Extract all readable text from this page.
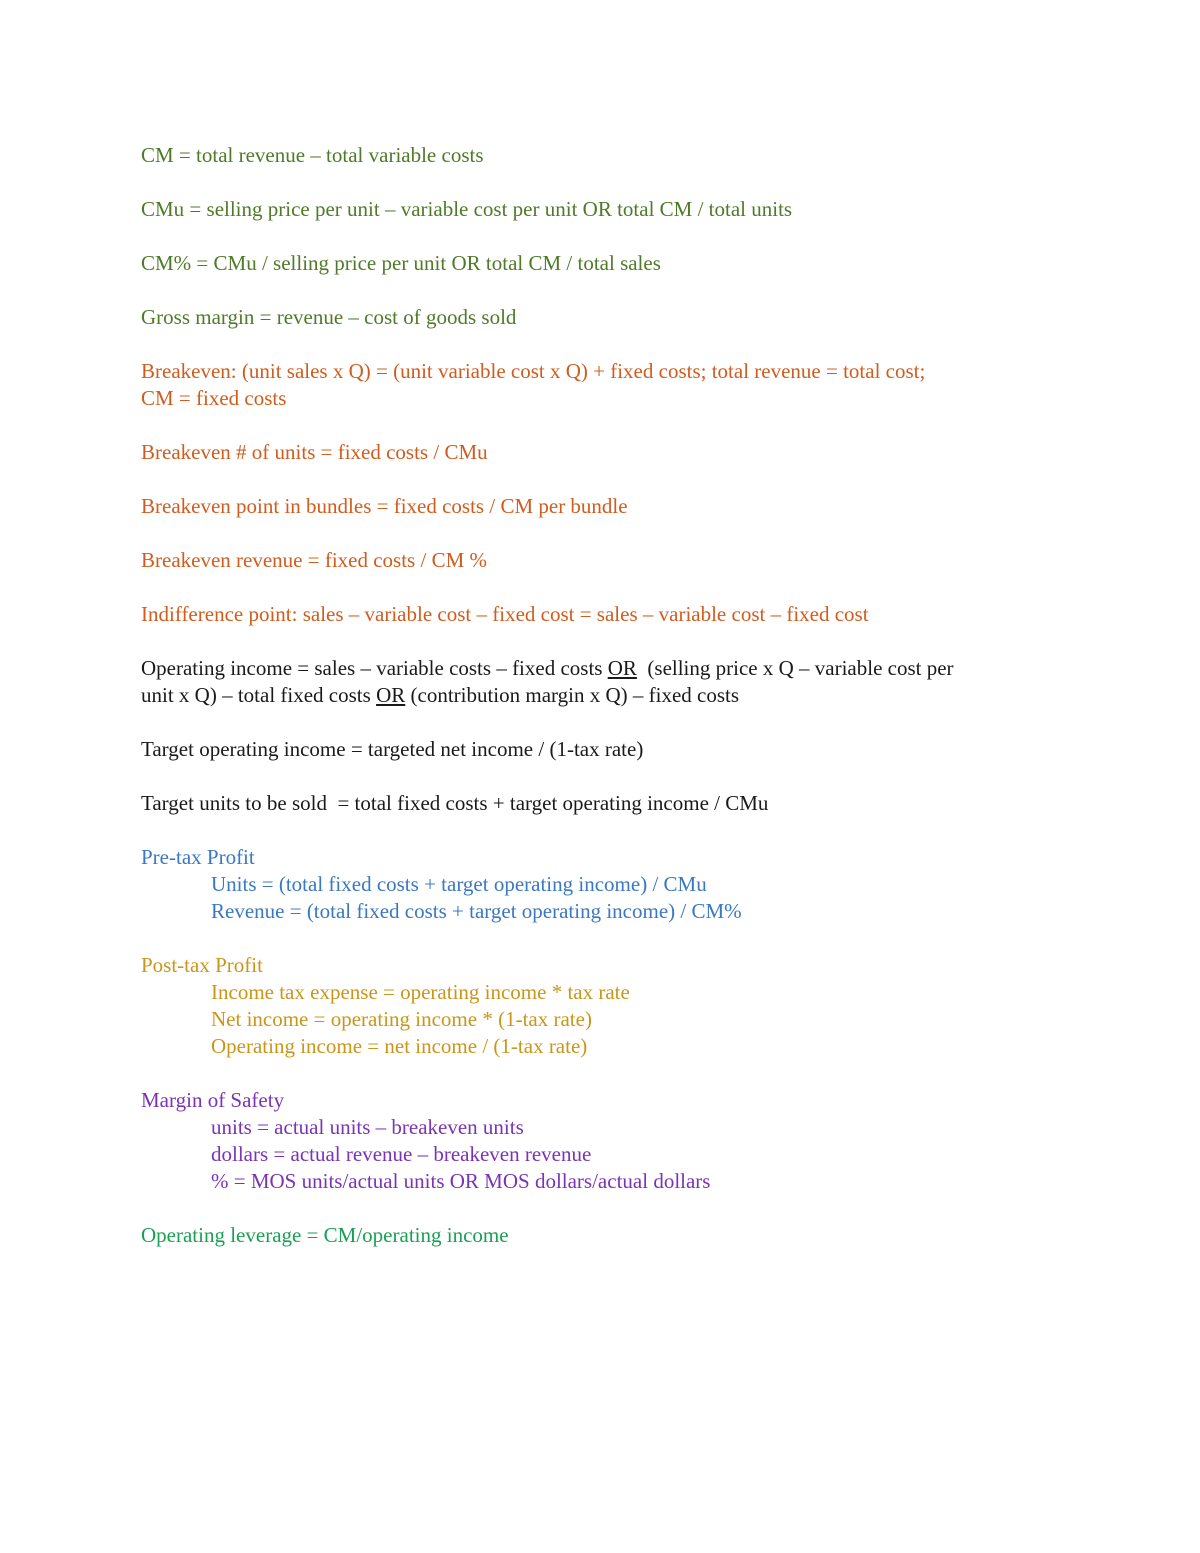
CM = total revenue – total variable costs

CMu = selling price per unit – variable cost per unit OR total CM / total units

CM% = CMu / selling price per unit OR total CM / total sales

Gross margin = revenue – cost of goods sold

Breakeven: (unit sales x Q) = (unit variable cost x Q) + fixed costs; total revenue = total cost;
CM = fixed costs

Breakeven # of units = fixed costs / CMu

Breakeven point in bundles = fixed costs / CM per bundle

Breakeven revenue = fixed costs / CM %

Indifference point: sales – variable cost – fixed cost = sales – variable cost – fixed cost

Operating income = sales – variable costs – fixed costs OR  (selling price x Q – variable cost per
unit x Q) – total fixed costs OR (contribution margin x Q) – fixed costs

Target operating income = targeted net income / (1-tax rate)

Target units to be sold  = total fixed costs + target operating income / CMu

Pre-tax Profit
Units = (total fixed costs + target operating income) / CMu
Revenue = (total fixed costs + target operating income) / CM%

Post-tax Profit
Income tax expense = operating income * tax rate
Net income = operating income * (1-tax rate)
Operating income = net income / (1-tax rate)

Margin of Safety
units = actual units – breakeven units
dollars = actual revenue – breakeven revenue
% = MOS units/actual units OR MOS dollars/actual dollars

Operating leverage = CM/operating income
